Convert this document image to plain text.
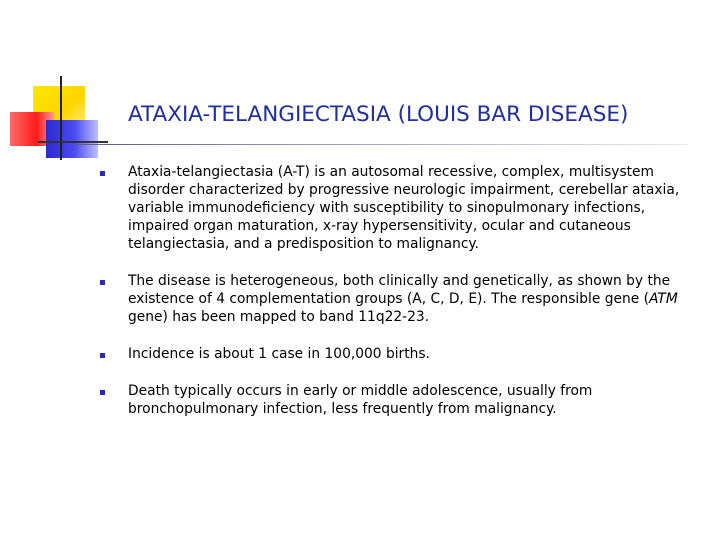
ATAXIA-TELANGIECTASIA (LOUIS BAR DISEASE)
Ataxia-telangiectasia (A-T) is an autosomal recessive, complex, multisystem disorder characterized by progressive neurologic impairment, cerebellar ataxia, variable immunodeficiency with susceptibility to sinopulmonary infections, impaired organ maturation, x-ray hypersensitivity, ocular and cutaneous telangiectasia, and a predisposition to malignancy.
The disease is heterogeneous, both clinically and genetically, as shown by the existence of 4 complementation groups (A, C, D, E). The responsible gene (ATM gene) has been mapped to band 11q22-23.
Incidence is about 1 case in 100,000 births.
Death typically occurs in early or middle adolescence, usually from bronchopulmonary infection, less frequently from malignancy.
